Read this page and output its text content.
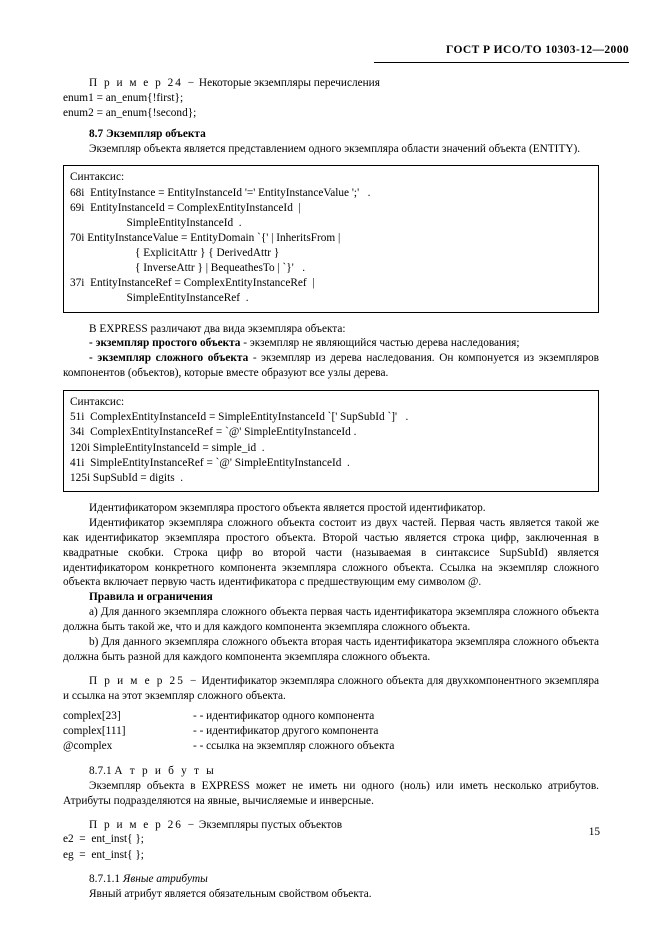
ГОСТ Р ИСО/ТО 10303-12—2000
П р и м е р 24 − Некоторые экземпляры перечисления
enum1 = an_enum{!first};
enum2 = an_enum{!second};
8.7 Экземпляр объекта

Экземпляр объекта является представлением одного экземпляра области значений объекта (ENTITY).

Синтаксис:
68i  EntityInstance = EntityInstanceId '=' EntityInstanceValue ';'   .
69i  EntityInstanceId = ComplexEntityInstanceId  |
SimpleEntityInstanceId  .
70i EntityInstanceValue = EntityDomain `{' | InheritsFrom |
{ ExplicitAttr } { DerivedAttr }
{ InverseAttr } | BequeathesTo | `}'   .
37i  EntityInstanceRef = ComplexEntityInstanceRef  |
SimpleEntityInstanceRef  .

В EXPRESS различают два вида экземпляра объекта:

- экземпляр простого объекта - экземпляр не являющийся частью дерева наследования;

- экземпляр сложного объекта - экземпляр из дерева наследования. Он компонуется из экземпляров компонентов (объектов), которые вместе образуют все узлы дерева.

Синтаксис:
51i  ComplexEntityInstanceId = SimpleEntityInstanceId `[' SupSubId `]'   .
34i  ComplexEntityInstanceRef = `@' SimpleEntityInstanceId .
120i SimpleEntityInstanceId = simple_id  .
41i  SimpleEntityInstanceRef = `@' SimpleEntityInstanceId  .
125i SupSubId = digits  .

Идентификатором экземпляра простого объекта является простой идентификатор.

Идентификатор экземпляра сложного объекта состоит из двух частей. Первая часть является такой же как идентификатор экземпляра простого объекта. Второй частью является строка цифр, заключенная в квадратные скобки. Строка цифр во второй части (называемая в синтаксисе SupSubId) является идентификатором конкретного компонента экземпляра сложного объекта. Ссылка на экземпляр сложного объекта включает первую часть идентификатора с предшествующим ему символом @.

Правила и ограничения

a) Для данного экземпляра сложного объекта первая часть идентификатора экземпляра сложного объекта должна быть такой же, что и для каждого компонента экземпляра сложного объекта.

b) Для данного экземпляра сложного объекта вторая часть идентификатора экземпляра сложного объекта должна быть разной для каждого компонента экземпляра сложного объекта.

П р и м е р 25 − Идентификатор экземпляра сложного объекта для двухкомпонентного экземпляра и ссылка на этот экземпляр сложного объекта.
complex[23]	- - идентификатор одного компонента
complex[111]	- - идентификатор другого компонента
@complex	- - ссылка на экземпляр сложного объекта
8.7.1 А т р и б у т ы

Экземпляр объекта в EXPRESS может не иметь ни одного (ноль) или иметь несколько атрибутов. Атрибуты подразделяются на явные, вычисляемые и инверсные.

П р и м е р 26 − Экземпляры пустых объектов
e2  =  ent_inst{ };
eg  =  ent_inst{ };
8.7.1.1 Явные атрибуты

Явный атрибут является обязательным свойством объекта.

15
